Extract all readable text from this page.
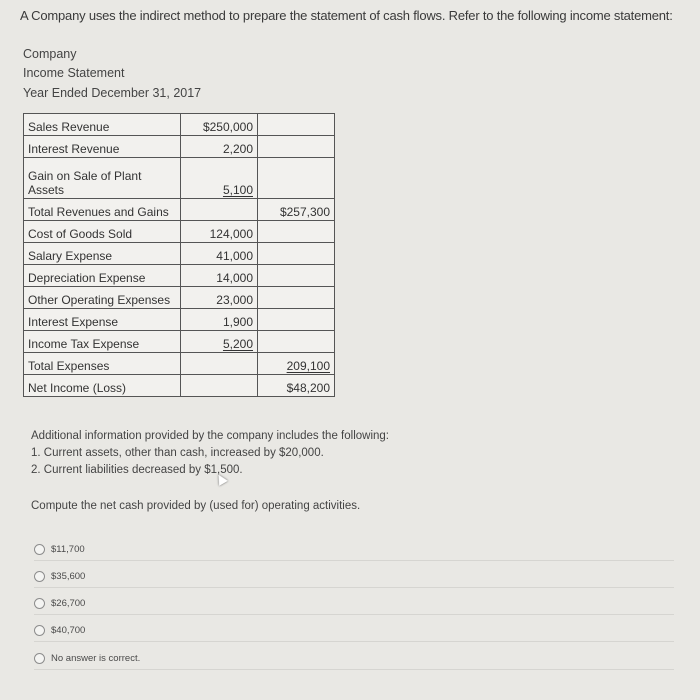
A Company uses the indirect method to prepare the statement of cash flows. Refer to the following income statement:
Company
Income Statement
Year Ended December 31, 2017
Sales Revenue	$250,000	
Interest Revenue	2,200	
Gain on Sale of Plant Assets	5,100	
Total Revenues and Gains		$257,300
Cost of Goods Sold	124,000	
Salary Expense	41,000	
Depreciation Expense	14,000	
Other Operating Expenses	23,000	
Interest Expense	1,900	
Income Tax Expense	5,200	
Total Expenses		209,100
Net Income (Loss)		$48,200
Additional information provided by the company includes the following:
1. Current assets, other than cash, increased by $20,000.
2. Current liabilities decreased by $1,500.
Compute the net cash provided by (used for) operating activities.
$11,700
$35,600
$26,700
$40,700
No answer is correct.
